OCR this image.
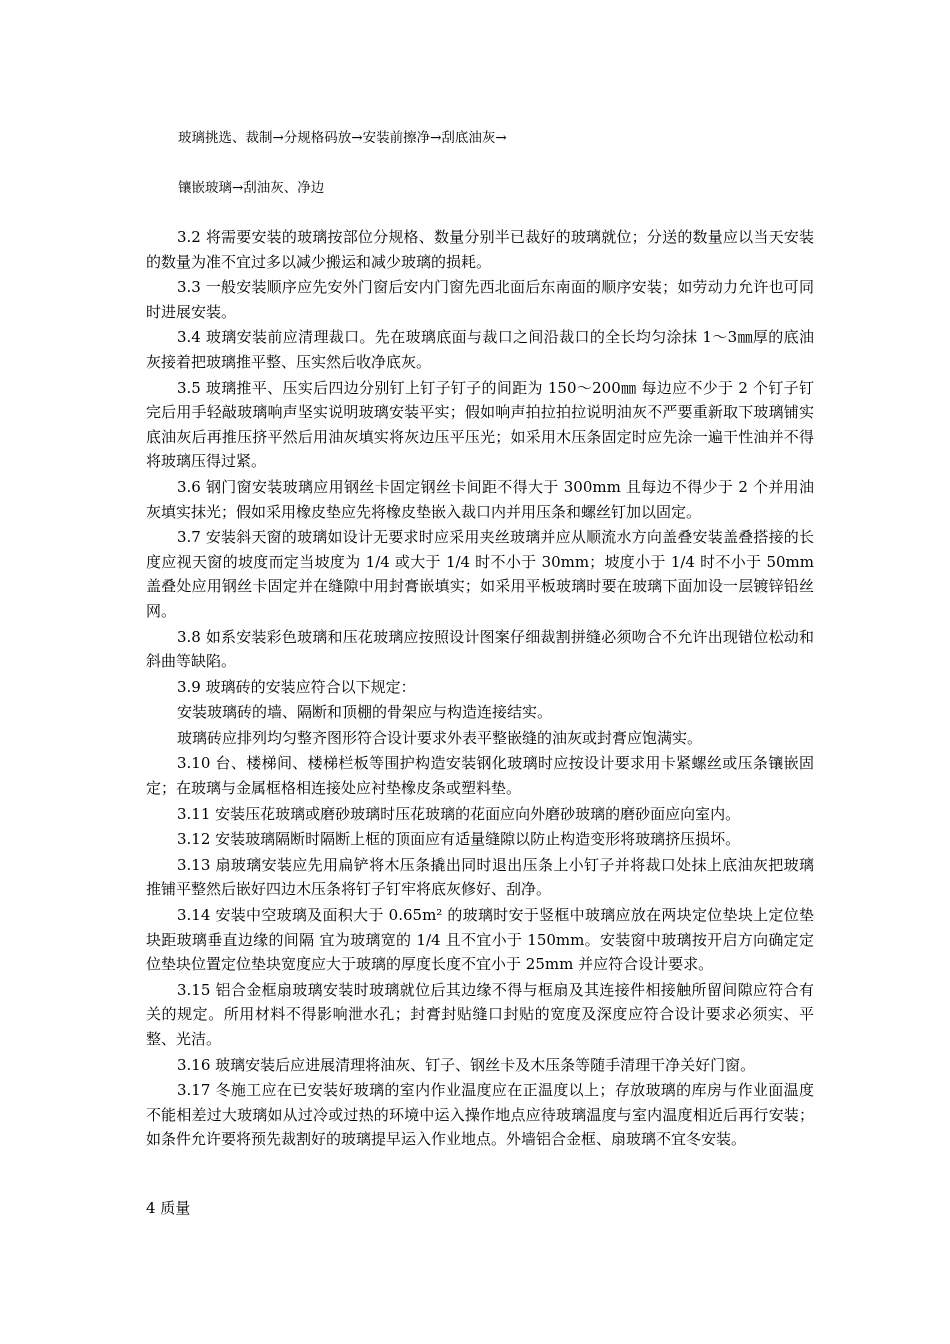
玻璃挑选、裁制→分规格码放→安装前擦净→刮底油灰→
镶嵌玻璃→刮油灰、净边

3.2 将需要安装的玻璃按部位分规格、数量分别半已裁好的玻璃就位；分送的数量应以当天安装的数量为准不宜过多以减少搬运和减少玻璃的损耗。

3.3 一般安装顺序应先安外门窗后安内门窗先西北面后东南面的顺序安装；如劳动力允许也可同时进展安装。

3.4 玻璃安装前应清理裁口。先在玻璃底面与裁口之间沿裁口的全长均匀涂抹 1～3㎜厚的底油灰接着把玻璃推平整、压实然后收净底灰。

3.5 玻璃推平、压实后四边分别钉上钉子钉子的间距为 150～200㎜ 每边应不少于 2 个钉子钉完后用手轻敲玻璃响声坚实说明玻璃安装平实；假如响声拍拉拍拉说明油灰不严要重新取下玻璃铺实底油灰后再推压挤平然后用油灰填实将灰边压平压光；如采用木压条固定时应先涂一遍干性油并不得将玻璃压得过紧。

3.6 钢门窗安装玻璃应用钢丝卡固定钢丝卡间距不得大于 300mm 且每边不得少于 2 个并用油灰填实抹光；假如采用橡皮垫应先将橡皮垫嵌入裁口内并用压条和螺丝钉加以固定。

3.7 安装斜天窗的玻璃如设计无要求时应采用夹丝玻璃并应从顺流水方向盖叠安装盖叠搭接的长度应视天窗的坡度而定当坡度为 1/4 或大于 1/4 时不小于 30mm；坡度小于 1/4 时不小于 50mm 盖叠处应用钢丝卡固定并在缝隙中用封膏嵌填实；如采用平板玻璃时要在玻璃下面加设一层镀锌铅丝网。

3.8 如系安装彩色玻璃和压花玻璃应按照设计图案仔细裁割拼缝必须吻合不允许出现错位松动和斜曲等缺陷。

3.9 玻璃砖的安装应符合以下规定：

安装玻璃砖的墙、隔断和顶棚的骨架应与构造连接结实。

玻璃砖应排列均匀整齐图形符合设计要求外表平整嵌缝的油灰或封膏应饱满实。

3.10 台、楼梯间、楼梯栏板等围护构造安装钢化玻璃时应按设计要求用卡紧螺丝或压条镶嵌固定；在玻璃与金属框格相连接处应衬垫橡皮条或塑料垫。

3.11 安装压花玻璃或磨砂玻璃时压花玻璃的花面应向外磨砂玻璃的磨砂面应向室内。

3.12 安装玻璃隔断时隔断上框的顶面应有适量缝隙以防止构造变形将玻璃挤压损坏。

3.13 扇玻璃安装应先用扁铲将木压条撬出同时退出压条上小钉子并将裁口处抹上底油灰把玻璃推铺平整然后嵌好四边木压条将钉子钉牢将底灰修好、刮净。

3.14 安装中空玻璃及面积大于 0.65m² 的玻璃时安于竖框中玻璃应放在两块定位垫块上定位垫块距玻璃垂直边缘的间隔 宜为玻璃宽的 1/4 且不宜小于 150mm。安装窗中玻璃按开启方向确定定位垫块位置定位垫块宽度应大于玻璃的厚度长度不宜小于 25mm 并应符合设计要求。

3.15 铝合金框扇玻璃安装时玻璃就位后其边缘不得与框扇及其连接件相接触所留间隙应符合有关的规定。所用材料不得影响泄水孔；封膏封贴缝口封贴的宽度及深度应符合设计要求必须实、平整、光洁。

3.16 玻璃安装后应进展清理将油灰、钉子、钢丝卡及木压条等随手清理干净关好门窗。

3.17 冬施工应在已安装好玻璃的室内作业温度应在正温度以上；存放玻璃的库房与作业面温度不能相差过大玻璃如从过冷或过热的环境中运入操作地点应待玻璃温度与室内温度相近后再行安装；如条件允许要将预先裁割好的玻璃提早运入作业地点。外墙铝合金框、扇玻璃不宜冬安装。

4 质量
